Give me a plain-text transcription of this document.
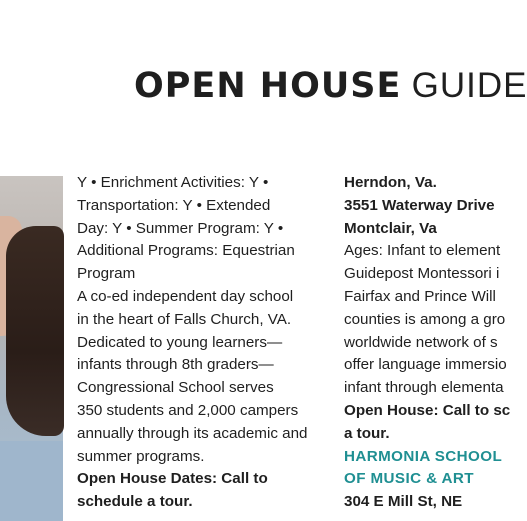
OPEN HOUSE GUIDE
Y • Enrichment Activities: Y •
Transportation: Y • Extended
Day: Y • Summer Program: Y •
Additional Programs: Equestrian
Program
A co-ed independent day school
in the heart of Falls Church, VA.
Dedicated to young learners—
infants through 8th graders—
Congressional School serves
350 students and 2,000 campers
annually through its academic and
summer programs.
Open House Dates: Call to
schedule a tour.
Herndon, Va.
3551 Waterway Drive
Montclair, Va
Ages: Infant to element
Guidepost Montessori i
Fairfax and Prince Will
counties is among a gro
worldwide network of s
offer language immersio
infant through elementa
Open House: Call to sc
a tour.
HARMONIA SCHOOL
OF MUSIC & ART
304 E Mill St, NE
